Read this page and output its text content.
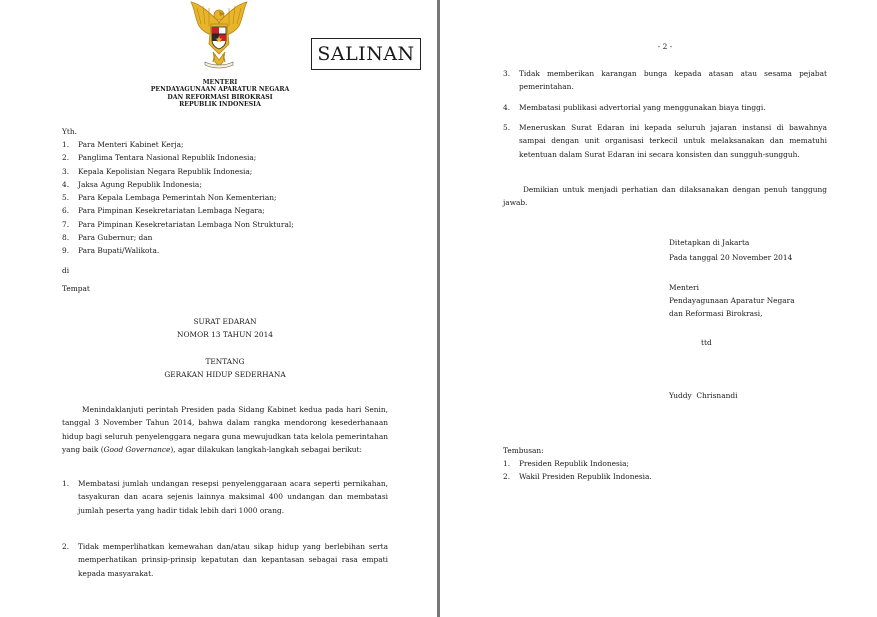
SALINAN
MENTERI
PENDAYAGUNAAN APARATUR NEGARA
DAN REFORMASI BIROKRASI
REPUBLIK INDONESIA
Yth.
1.	Para Menteri Kabinet Kerja;
2.	Panglima Tentara Nasional Republik Indonesia;
3.	Kepala Kepolisian Negara Republik Indonesia;
4.	Jaksa Agung Republik Indonesia;
5.	Para Kepala Lembaga Pemerintah Non Kementerian;
6.	Para Pimpinan Kesekretariatan Lembaga Negara;
7.	Para Pimpinan Kesekretariatan Lembaga Non Struktural;
8.	Para Gubernur; dan
9.	Para Bupati/Walikota.
di
Tempat
SURAT EDARAN
NOMOR 13 TAHUN 2014
TENTANG
GERAKAN HIDUP SEDERHANA
Menindaklanjuti perintah Presiden pada Sidang Kabinet kedua pada hari Senin, tanggal 3 November Tahun 2014, bahwa dalam rangka mendorong kesederhanaan hidup bagi seluruh penyelenggara negara guna mewujudkan tata kelola pemerintahan yang baik (Good Governance), agar dilakukan langkah-langkah sebagai berikut:
1.	Membatasi jumlah undangan resepsi penyelenggaraan acara seperti pernikahan, tasyakuran dan acara sejenis lainnya maksimal 400 undangan dan membatasi jumlah peserta yang hadir tidak lebih dari 1000 orang.
2.	Tidak memperlihatkan kemewahan dan/atau sikap hidup yang berlebihan serta memperhatikan prinsip-prinsip kepatutan dan kepantasan sebagai rasa empati kepada masyarakat.
- 2 -
3.	Tidak memberikan karangan bunga kepada atasan atau sesama pejabat pemerintahan.
4.	Membatasi publikasi advertorial yang menggunakan biaya tinggi.
5.	Meneruskan Surat Edaran ini kepada seluruh jajaran instansi di bawahnya sampai dengan unit organisasi terkecil untuk melaksanakan dan mematuhi ketentuan dalam Surat Edaran ini secara konsisten dan sungguh-sungguh.
Demikian untuk menjadi perhatian dan dilaksanakan dengan penuh tanggung jawab.
Ditetapkan di Jakarta
Pada tanggal 20 November 2014
Menteri
Pendayagunaan Aparatur Negara
dan Reformasi Birokrasi,
ttd
Yuddy  Chrisnandi
Tembusan:
1.	Presiden Republik Indonesia;
2.	Wakil Presiden Republik Indonesia.
